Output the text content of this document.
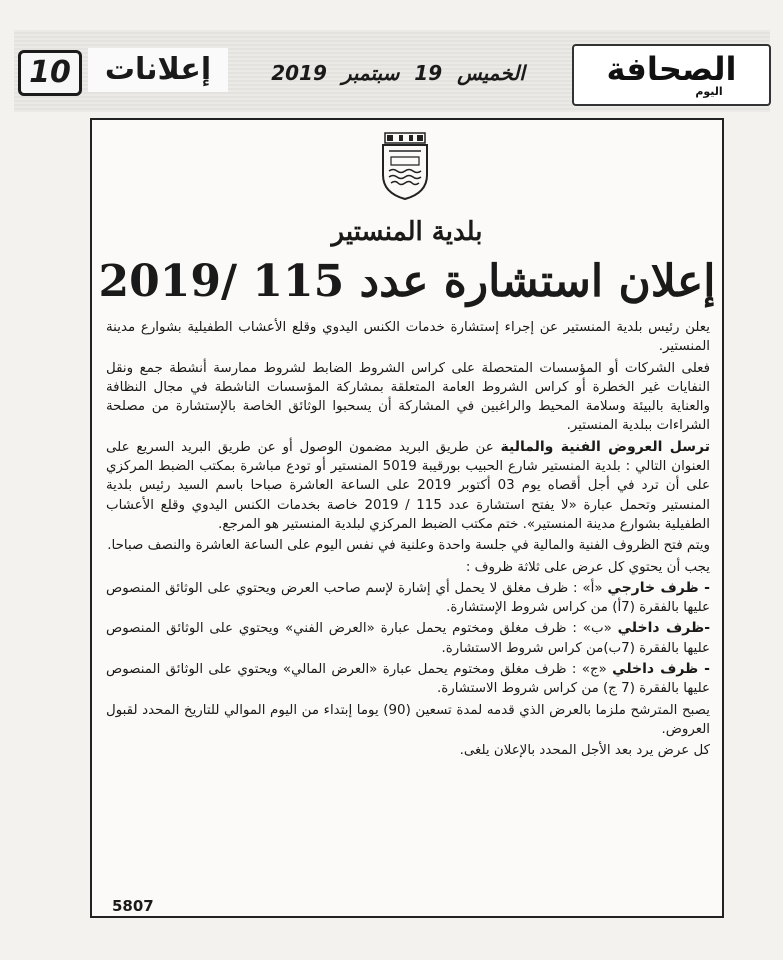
10	إعلانات	الخميس 19 سبتمبر 2019	الصحافة
اليوم
بلدية المنستير
إعلان استشارة عدد 115 /2019

يعلن رئيس بلدية المنستير عن إجراء إستشارة خدمات الكنس اليدوي وقلع الأعشاب الطفيلية بشوارع مدينة المنستير.

فعلى الشركات أو المؤسسات المتحصلة على كراس الشروط الضابط لشروط ممارسة أنشطة جمع ونقل النفايات غير الخطرة أو كراس الشروط العامة المتعلقة بمشاركة المؤسسات الناشطة في مجال النظافة والعناية بالبيئة وسلامة المحيط والراغبين في المشاركة أن يسحبوا الوثائق الخاصة بالإستشارة من مصلحة الشراءات ببلدية المنستير.

ترسل العروض الفنية والمالية عن طريق البريد مضمون الوصول أو عن طريق البريد السريع على العنوان التالي : بلدية المنستير شارع الحبيب بورقيبة 5019 المنستير أو تودع مباشرة بمكتب الضبط المركزي على أن ترد في أجل أقصاه يوم 03 أكتوبر 2019 على الساعة العاشرة صباحا باسم السيد رئيس بلدية المنستير وتحمل عبارة «لا يفتح استشارة عدد 115 / 2019 خاصة بخدمات الكنس اليدوي وقلع الأعشاب الطفيلية بشوارع مدينة المنستير». ختم مكتب الضبط المركزي لبلدية المنستير هو المرجع.

ويتم فتح الظروف الفنية والمالية في جلسة واحدة وعلنية في نفس اليوم على الساعة العاشرة والنصف صباحا.

يجب أن يحتوي كل عرض على ثلاثة ظروف :

- ظرف خارجي «أ» : ظرف مغلق لا يحمل أي إشارة لإسم صاحب العرض ويحتوي على الوثائق المنصوص عليها بالفقرة (7أ) من كراس شروط الإستشارة.

-ظرف داخلي «ب» : ظرف مغلق ومختوم يحمل عبارة «العرض الفني» ويحتوي على الوثائق المنصوص عليها بالفقرة (7ب)من كراس شروط الاستشارة.

- ظرف داخلي «ج» : ظرف مغلق ومختوم يحمل عبارة «العرض المالي» ويحتوي على الوثائق المنصوص عليها بالفقرة (7 ج) من كراس شروط الاستشارة.

يصبح المترشح ملزما بالعرض الذي قدمه لمدة تسعين (90) يوما إبتداء من اليوم الموالي للتاريخ المحدد لقبول العروض.

كل عرض يرد بعد الأجل المحدد بالإعلان يلغى.

5807
